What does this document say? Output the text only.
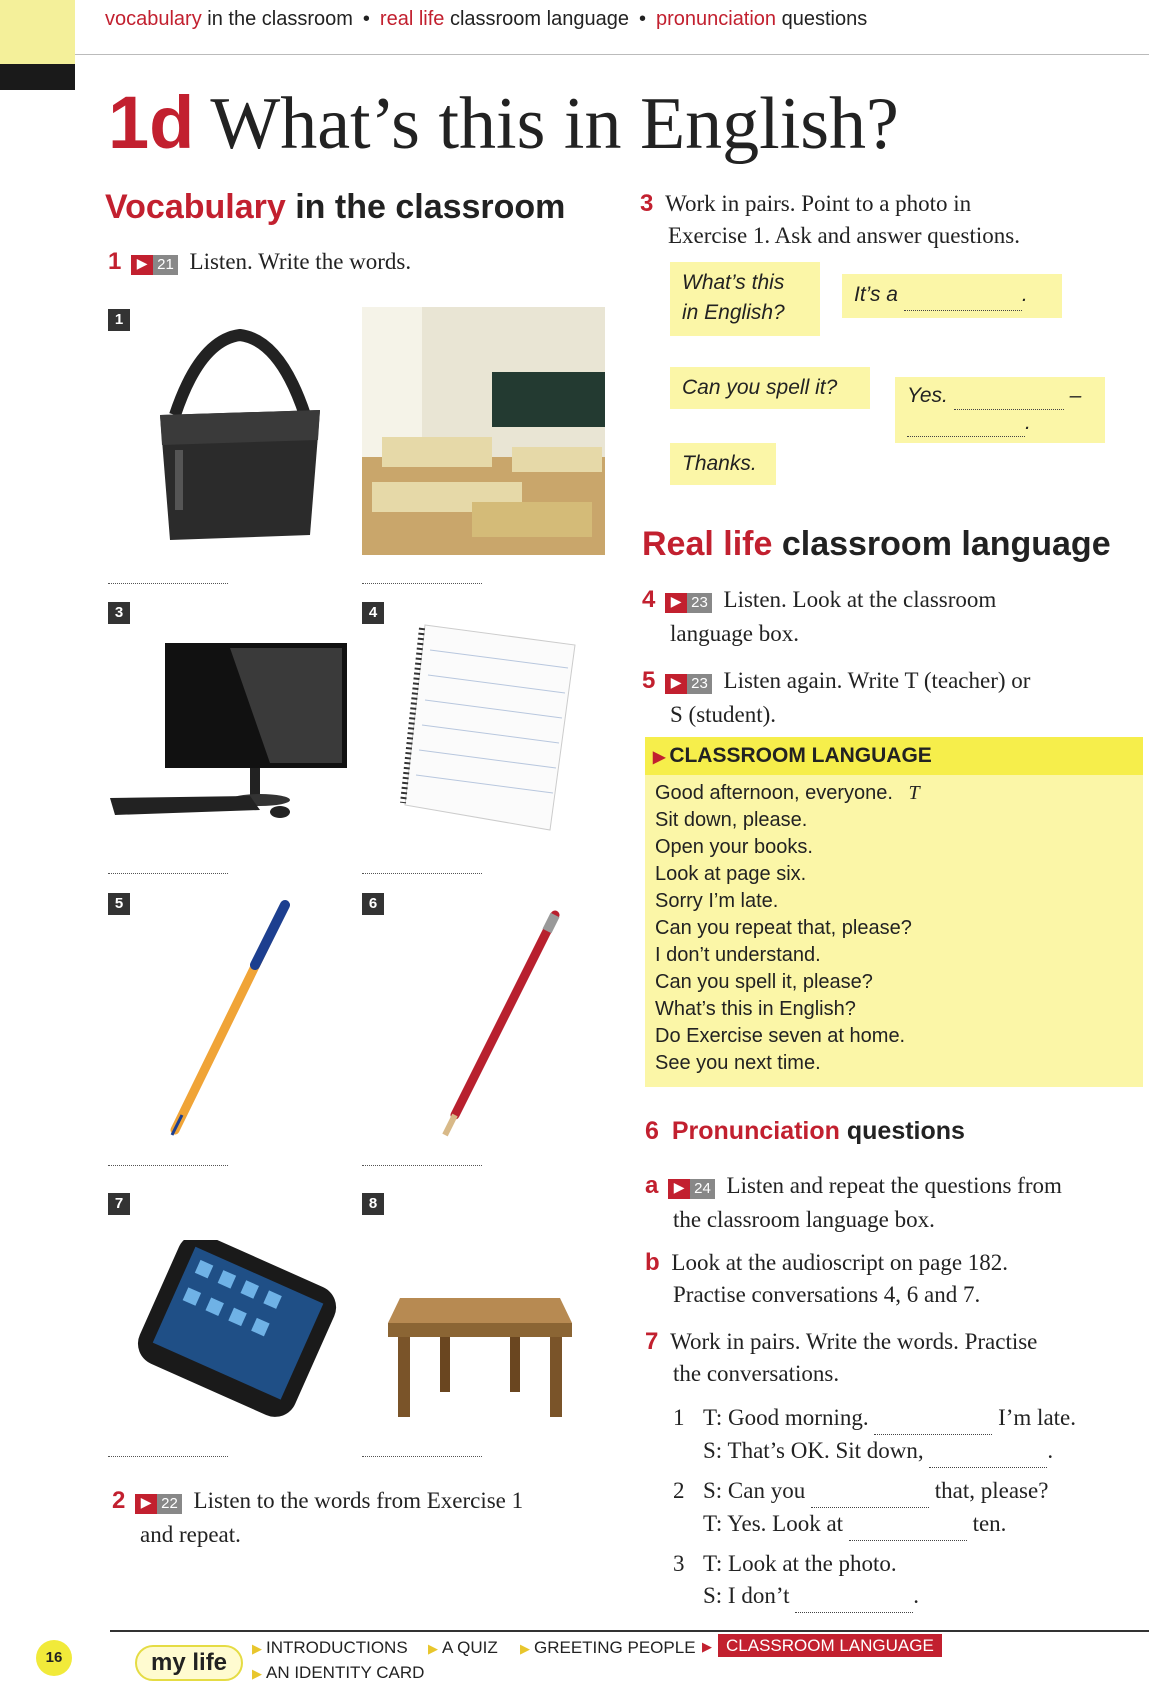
vocabulary in the classroom • real life classroom language • pronunciation questions
1d What’s this in English?
Vocabulary in the classroom
1 ▶ 21 Listen. Write the words.
1
3	4
5	6
7	8
2 ▶ 22 Listen to the words from Exercise 1
and repeat.
3 Work in pairs. Point to a photo in
Exercise 1. Ask and answer questions.
What’s this
in English?
It’s a	.
Can you spell it?	Yes.	–
.
Thanks.
Real life classroom language
4 ▶ 23 Listen. Look at the classroom
language box.
5 ▶ 23 Listen again. Write T (teacher) or
S (student).
▶ CLASSROOM LANGUAGE
Good afternoon, everyone. T
Sit down, please.
Open your books.
Look at page six.
Sorry I’m late.
Can you repeat that, please?
I don’t understand.
Can you spell it, please?
What’s this in English?
Do Exercise seven at home.
See you next time.
6 Pronunciation questions
a ▶ 24 Listen and repeat the questions from
the classroom language box.
b Look at the audioscript on page 182.
Practise conversations 4, 6 and 7.
7 Work in pairs. Write the words. Practise
the conversations.
1 T: Good morning.	I’m late.
S: That’s OK. Sit down,	.
2 S: Can you	that, please?
T: Yes. Look at	ten.
3 T: Look at the photo.
S: I don’t	.
16	my life
▶ INTRODUCTIONS ▶ A QUIZ ▶ GREETING PEOPLE ▶ CLASSROOM LANGUAGE
▶ AN IDENTITY CARD
